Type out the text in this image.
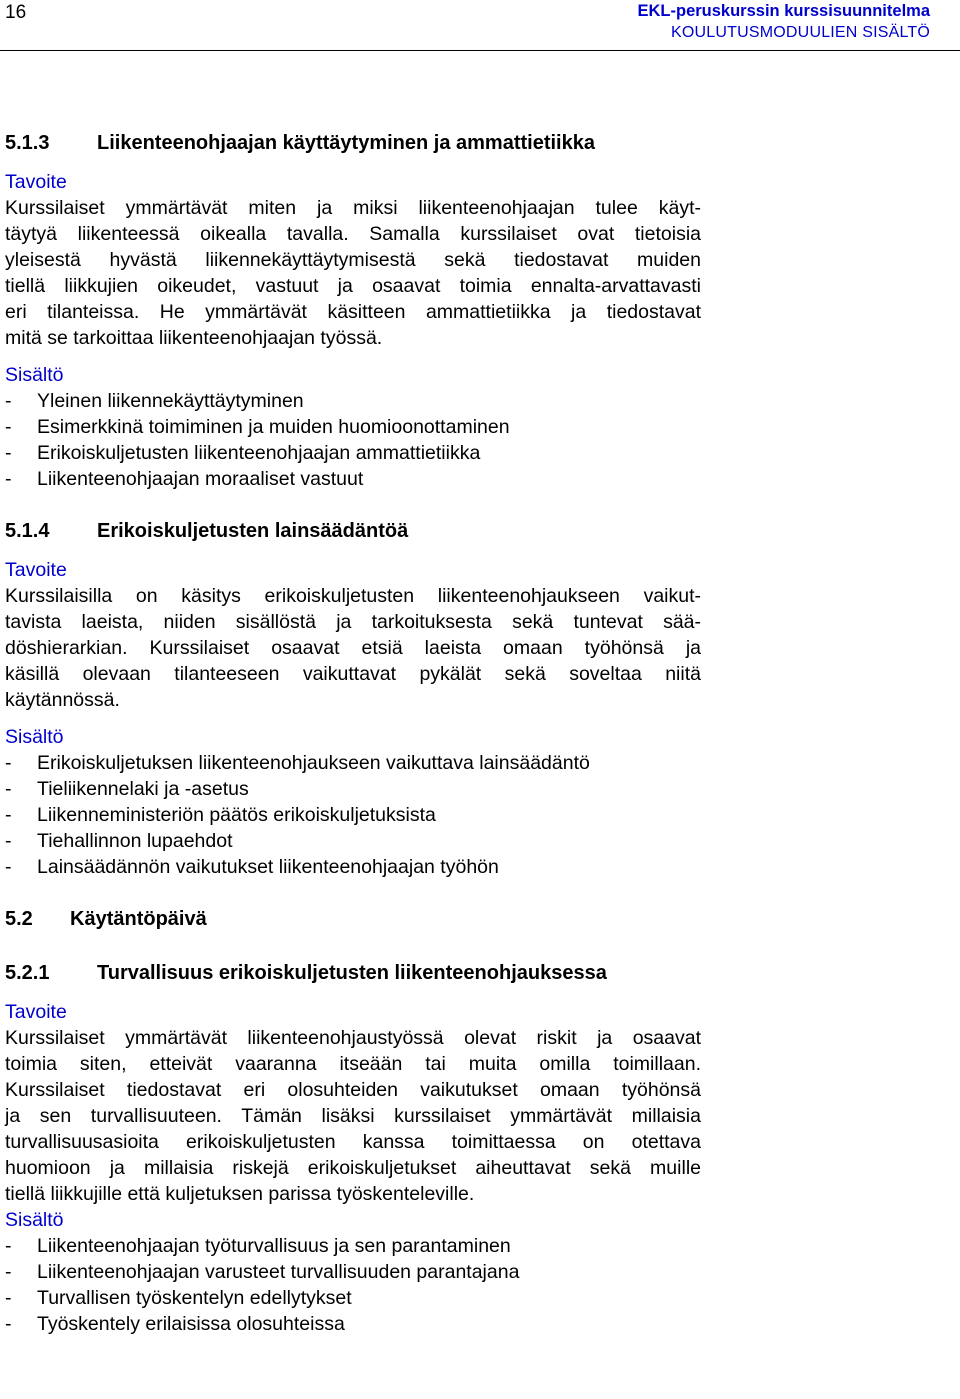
16	EKL-peruskurssin kurssisuunnitelma
KOULUTUSMODUULIEN SISÄLTÖ
5.1.3	Liikenteenohjaajan käyttäytyminen ja ammattietiikka
Tavoite
Kurssilaiset ymmärtävät miten ja miksi liikenteenohjaajan tulee käyt-
täytyä liikenteessä oikealla tavalla. Samalla kurssilaiset ovat tietoisia
yleisestä hyvästä liikennekäyttäytymisestä sekä tiedostavat muiden
tiellä liikkujien oikeudet, vastuut ja osaavat toimia ennalta-arvattavasti
eri tilanteissa. He ymmärtävät käsitteen ammattietiikka ja tiedostavat
mitä se tarkoittaa liikenteenohjaajan työssä.
Sisältö
-	Yleinen liikennekäyttäytyminen
-	Esimerkkinä toimiminen ja muiden huomioonottaminen
-	Erikoiskuljetusten liikenteenohjaajan ammattietiikka
-	Liikenteenohjaajan moraaliset vastuut
5.1.4	Erikoiskuljetusten lainsäädäntöä
Tavoite
Kurssilaisilla on käsitys erikoiskuljetusten liikenteenohjaukseen vaikut-
tavista laeista, niiden sisällöstä ja tarkoituksesta sekä tuntevat sää-
döshierarkian. Kurssilaiset osaavat etsiä laeista omaan työhönsä ja
käsillä olevaan tilanteeseen vaikuttavat pykälät sekä soveltaa niitä
käytännössä.
Sisältö
-	Erikoiskuljetuksen liikenteenohjaukseen vaikuttava lainsäädäntö
-	Tieliikennelaki ja -asetus
-	Liikenneministeriön päätös erikoiskuljetuksista
-	Tiehallinnon lupaehdot
-	Lainsäädännön vaikutukset liikenteenohjaajan työhön
5.2	Käytäntöpäivä
5.2.1	Turvallisuus erikoiskuljetusten liikenteenohjauksessa
Tavoite
Kurssilaiset ymmärtävät liikenteenohjaustyössä olevat riskit ja osaavat
toimia siten, etteivät vaaranna itseään tai muita omilla toimillaan.
Kurssilaiset tiedostavat eri olosuhteiden vaikutukset omaan työhönsä
ja sen turvallisuuteen. Tämän lisäksi kurssilaiset ymmärtävät millaisia
turvallisuusasioita erikoiskuljetusten kanssa toimittaessa on otettava
huomioon ja millaisia riskejä erikoiskuljetukset aiheuttavat sekä muille
tiellä liikkujille että kuljetuksen parissa työskenteleville.
Sisältö
-	Liikenteenohjaajan työturvallisuus ja sen parantaminen
-	Liikenteenohjaajan varusteet turvallisuuden parantajana
-	Turvallisen työskentelyn edellytykset
-	Työskentely erilaisissa olosuhteissa
